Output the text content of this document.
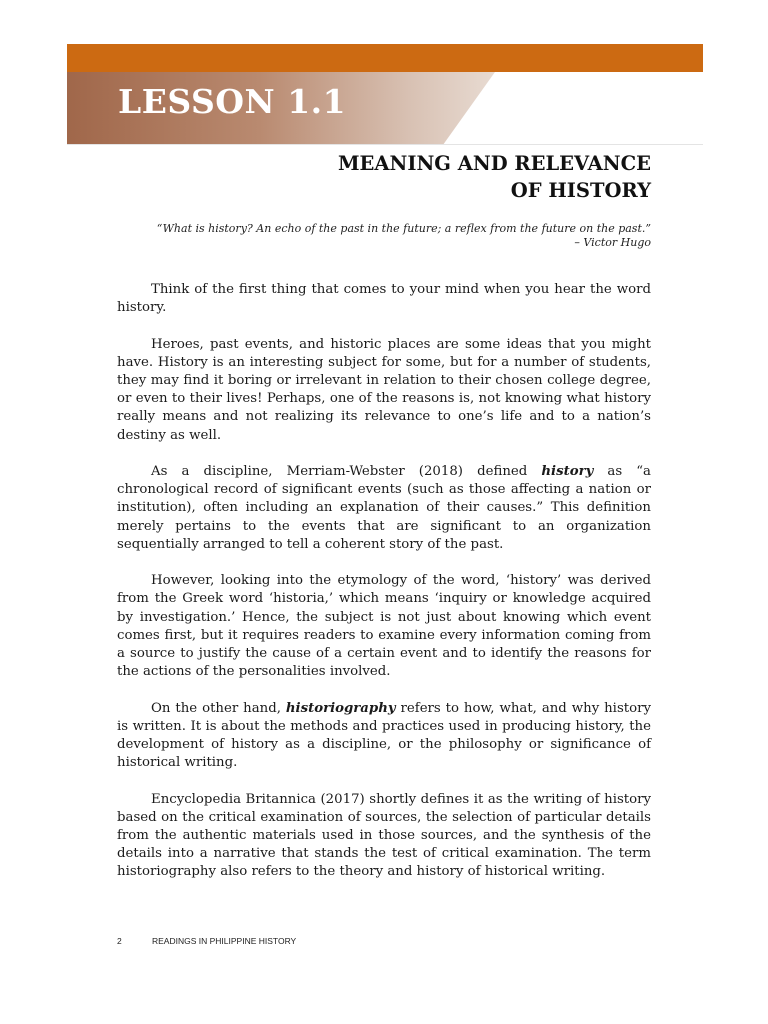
LESSON 1.1
MEANING AND RELEVANCE
OF HISTORY
“What is history? An echo of the past in the future; a reflex from the future on the past.”
– Victor Hugo

Think of the first thing that comes to your mind when you hear the word history.

Heroes, past events, and historic places are some ideas that you might have. History is an interesting subject for some, but for a number of students, they may find it boring or irrelevant in relation to their chosen college degree, or even to their lives! Perhaps, one of the reasons is, not knowing what history really means and not realizing its relevance to one’s life and to a nation’s destiny as well.

As a discipline, Merriam-Webster (2018) defined history as “a chronological record of significant events (such as those affecting a nation or institution), often including an explanation of their causes.” This definition merely pertains to the events that are significant to an organization sequentially arranged to tell a coherent story of the past.

However, looking into the etymology of the word, ‘history’ was derived from the Greek word ‘historia,’ which means ‘inquiry or knowledge acquired by investigation.’ Hence, the subject is not just about knowing which event comes first, but it requires readers to examine every information coming from a source to justify the cause of a certain event and to identify the reasons for the actions of the personalities involved.

On the other hand, historiography refers to how, what, and why history is written. It is about the methods and practices used in producing history, the development of history as a discipline, or the philosophy or significance of historical writing.

Encyclopedia Britannica (2017) shortly defines it as the writing of history based on the critical examination of sources, the selection of particular details from the authentic materials used in those sources, and the synthesis of the details into a narrative that stands the test of critical examination. The term historiography also refers to the theory and history of historical writing.

2	READINGS IN PHILIPPINE HISTORY
